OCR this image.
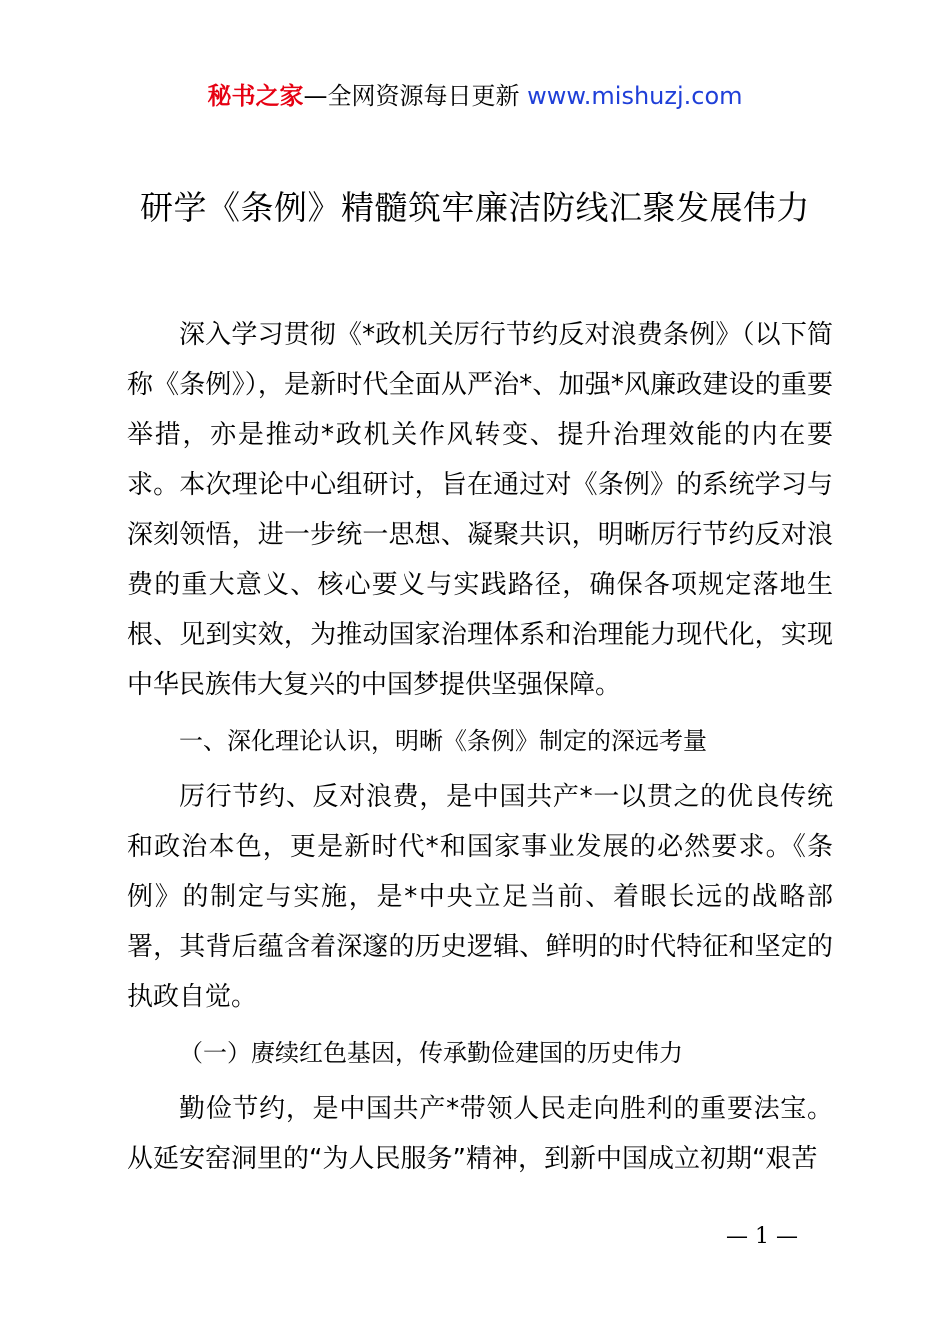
秘书之家—全网资源每日更新 www.mishuzj.com
研学《条例》精髓筑牢廉洁防线汇聚发展伟力

深入学习贯彻《*政机关厉行节约反对浪费条例》（以下简称《条例》），是新时代全面从严治*、加强*风廉政建设的重要举措，亦是推动*政机关作风转变、提升治理效能的内在要求。本次理论中心组研讨，旨在通过对《条例》的系统学习与深刻领悟，进一步统一思想、凝聚共识，明晰厉行节约反对浪费的重大意义、核心要义与实践路径，确保各项规定落地生根、见到实效，为推动国家治理体系和治理能力现代化，实现中华民族伟大复兴的中国梦提供坚强保障。

一、深化理论认识，明晰《条例》制定的深远考量

厉行节约、反对浪费，是中国共产*一以贯之的优良传统和政治本色，更是新时代*和国家事业发展的必然要求。《条例》的制定与实施，是*中央立足当前、着眼长远的战略部署，其背后蕴含着深邃的历史逻辑、鲜明的时代特征和坚定的执政自觉。

（一）赓续红色基因，传承勤俭建国的历史伟力

勤俭节约，是中国共产*带领人民走向胜利的重要法宝。从延安窑洞里的“为人民服务”精神，到新中国成立初期“艰苦

— 1 —
